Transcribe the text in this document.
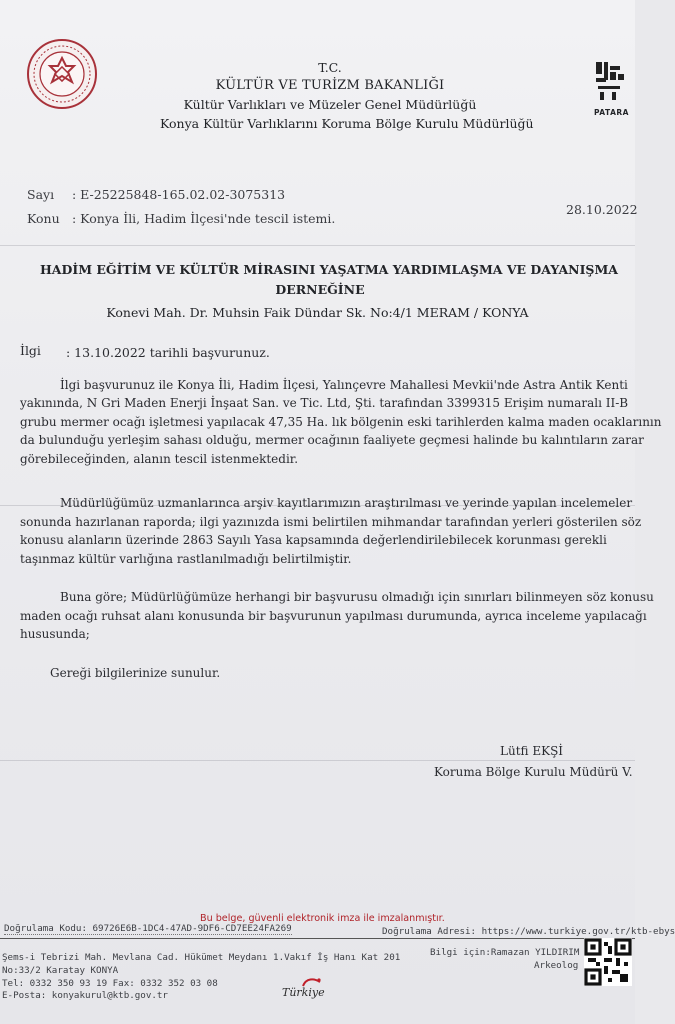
T.C.
KÜLTÜR VE TURİZM BAKANLIĞI
Kültür Varlıkları ve Müzeler Genel Müdürlüğü
Konya Kültür Varlıklarını Koruma Bölge Kurulu Müdürlüğü
PATARA
Sayı : E-25225848-165.02.02-3075313
28.10.2022
Konu : Konya İli, Hadim İlçesi'nde tescil istemi.
HADİM EĞİTİM VE KÜLTÜR MİRASINI YAŞATMA YARDIMLAŞMA VE DAYANIŞMA
DERNEĞİNE
Konevi Mah. Dr. Muhsin Faik Dündar Sk. No:4/1 MERAM / KONYA
İlgi : 13.10.2022 tarihli başvurunuz.
İlgi başvurunuz ile Konya İli, Hadim İlçesi, Yalınçevre Mahallesi Mevkii'nde Astra Antik Kenti
yakınında, N Gri Maden Enerji İnşaat San. ve Tic. Ltd, Şti. tarafından 3399315 Erişim numaralı II-B
grubu mermer ocağı işletmesi yapılacak 47,35 Ha. lık bölgenin eski tarihlerden kalma maden ocaklarının
da bulunduğu yerleşim sahası olduğu, mermer ocağının faaliyete geçmesi halinde bu kalıntıların zarar
görebileceğinden, alanın tescil istenmektedir.
Müdürlüğümüz uzmanlarınca arşiv kayıtlarımızın araştırılması ve yerinde yapılan incelemeler
sonunda hazırlanan raporda; ilgi yazınızda ismi belirtilen mihmandar tarafından yerleri gösterilen söz
konusu alanların üzerinde 2863 Sayılı Yasa kapsamında değerlendirilebilecek korunması gerekli
taşınmaz kültür varlığına rastlanılmadığı belirtilmiştir.
Buna göre; Müdürlüğümüze herhangi bir başvurusu olmadığı için sınırları bilinmeyen söz konusu
maden ocağı ruhsat alanı konusunda bir başvurunun yapılması durumunda, ayrıca inceleme yapılacağı
hususunda;
Gereği bilgilerinize sunulur.
Lütfi EKŞİ
Koruma Bölge Kurulu Müdürü V.
Bu belge, güvenli elektronik imza ile imzalanmıştır.
Doğrulama Kodu: 69726E6B-1DC4-47AD-9DF6-CD7EE24FA269	Doğrulama Adresi: https://www.turkiye.gov.tr/ktb-ebys
Şems-i Tebrizi Mah. Mevlana Cad. Hükümet Meydanı 1.Vakıf İş Hanı Kat 201
No:33/2 Karatay KONYA
Tel: 0332 350 93 19 Fax: 0332 352 03 08
E-Posta: konyakurul@ktb.gov.tr
Bilgi için:Ramazan YILDIRIM
Arkeolog
Türkiye
